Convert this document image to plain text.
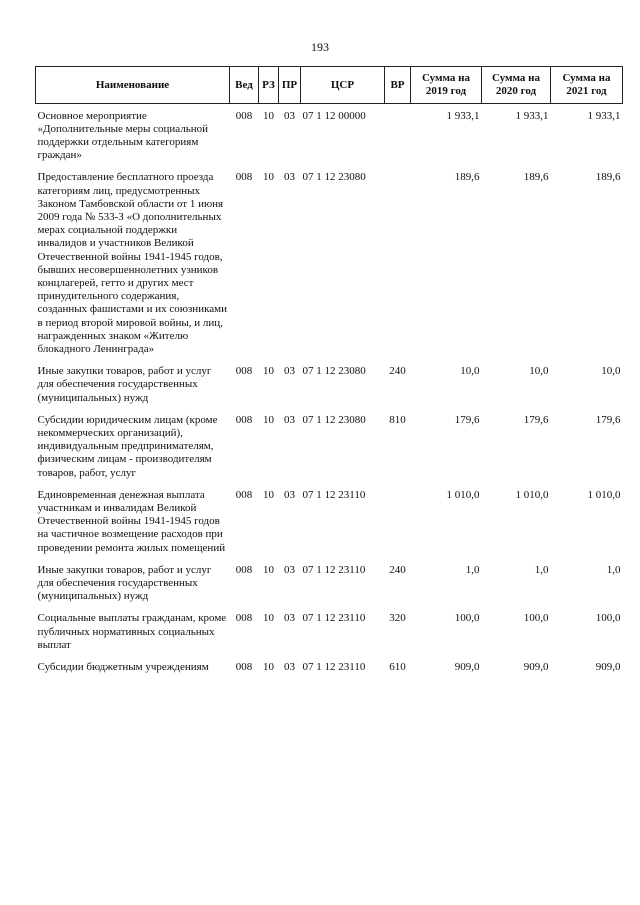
193
Наименование	Вед	РЗ	ПР	ЦСР	ВР	Сумма на 2019 год	Сумма на 2020 год	Сумма на 2021 год

Основное мероприятие «Дополнительные меры социальной поддержки отдельным категориям граждан»	008	10	03	07 1 12 00000		1 933,1	1 933,1	1 933,1
Предоставление бесплатного проезда категориям лиц, предусмотренных Законом Тамбовской области от 1 июня 2009 года № 533-З «О дополнительных мерах социальной поддержки инвалидов и участников Великой Отечественной войны 1941-1945 годов, бывших несовершеннолетних узников концлагерей, гетто и других мест принудительного содержания, созданных фашистами и их союзниками в период второй мировой войны, и лиц, награжденных знаком «Жителю блокадного Ленинграда»	008	10	03	07 1 12 23080		189,6	189,6	189,6
Иные закупки товаров, работ и услуг для обеспечения государственных (муниципальных) нужд	008	10	03	07 1 12 23080	240	10,0	10,0	10,0
Субсидии юридическим лицам (кроме некоммерческих организаций), индивидуальным предпринимателям, физическим лицам - производителям товаров, работ, услуг	008	10	03	07 1 12 23080	810	179,6	179,6	179,6
Единовременная денежная выплата участникам и инвалидам Великой Отечественной войны 1941-1945 годов на частичное возмещение расходов при проведении ремонта жилых помещений	008	10	03	07 1 12 23110		1 010,0	1 010,0	1 010,0
Иные закупки товаров, работ и услуг для обеспечения государственных (муниципальных) нужд	008	10	03	07 1 12 23110	240	1,0	1,0	1,0
Социальные выплаты гражданам, кроме публичных нормативных социальных выплат	008	10	03	07 1 12 23110	320	100,0	100,0	100,0
Субсидии бюджетным учреждениям	008	10	03	07 1 12 23110	610	909,0	909,0	909,0
